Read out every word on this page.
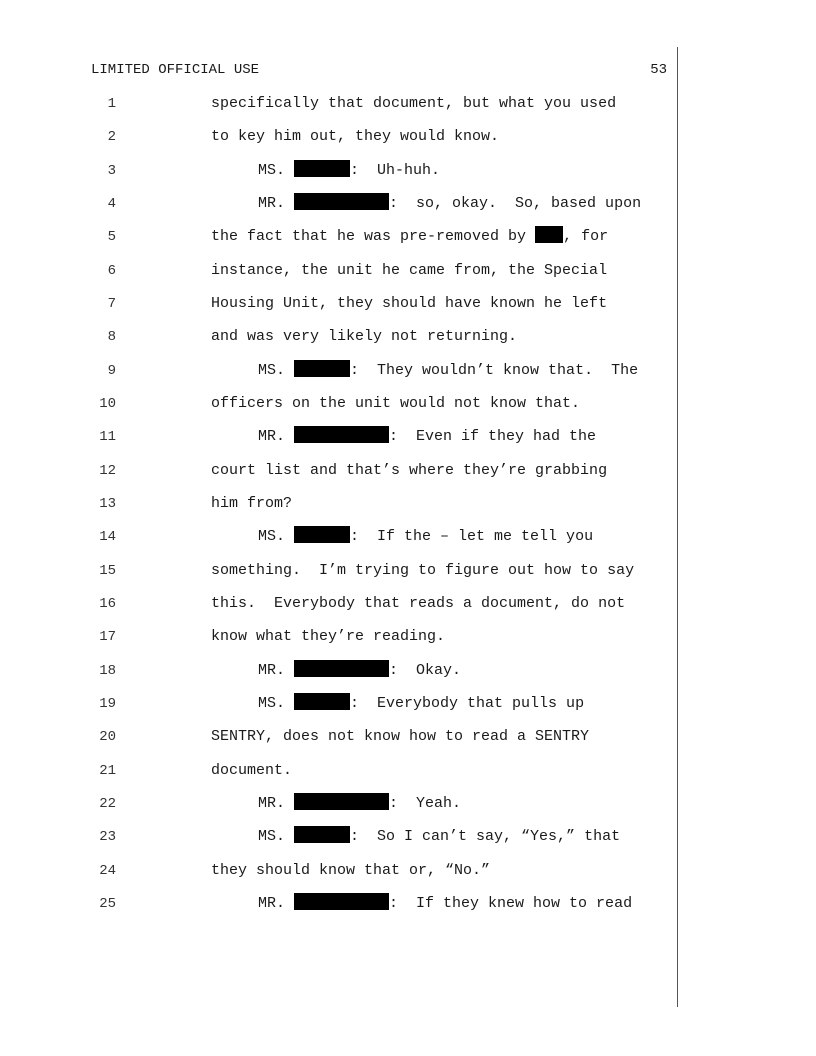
LIMITED OFFICIAL USE	53
1	specifically that document, but what you used
2	to key him out, they would know.
3	MS.	:  Uh-huh.
4	MR.	:  so, okay.  So, based upon
5	the fact that he was pre-removed by , for
6	instance, the unit he came from, the Special
7	Housing Unit, they should have known he left
8	and was very likely not returning.
9	MS.	:  They wouldn’t know that.  The
10	officers on the unit would not know that.
11	MR.	:  Even if they had the
12	court list and that’s where they’re grabbing
13	him from?
14	MS.	:  If the – let me tell you
15	something.  I’m trying to figure out how to say
16	this.  Everybody that reads a document, do not
17	know what they’re reading.
18	MR.	:  Okay.
19	MS.	:  Everybody that pulls up
20	SENTRY, does not know how to read a SENTRY
21	document.
22	MR.	:  Yeah.
23	MS.	:  So I can’t say, “Yes,” that
24	they should know that or, “No.”
25	MR.	:  If they knew how to read
